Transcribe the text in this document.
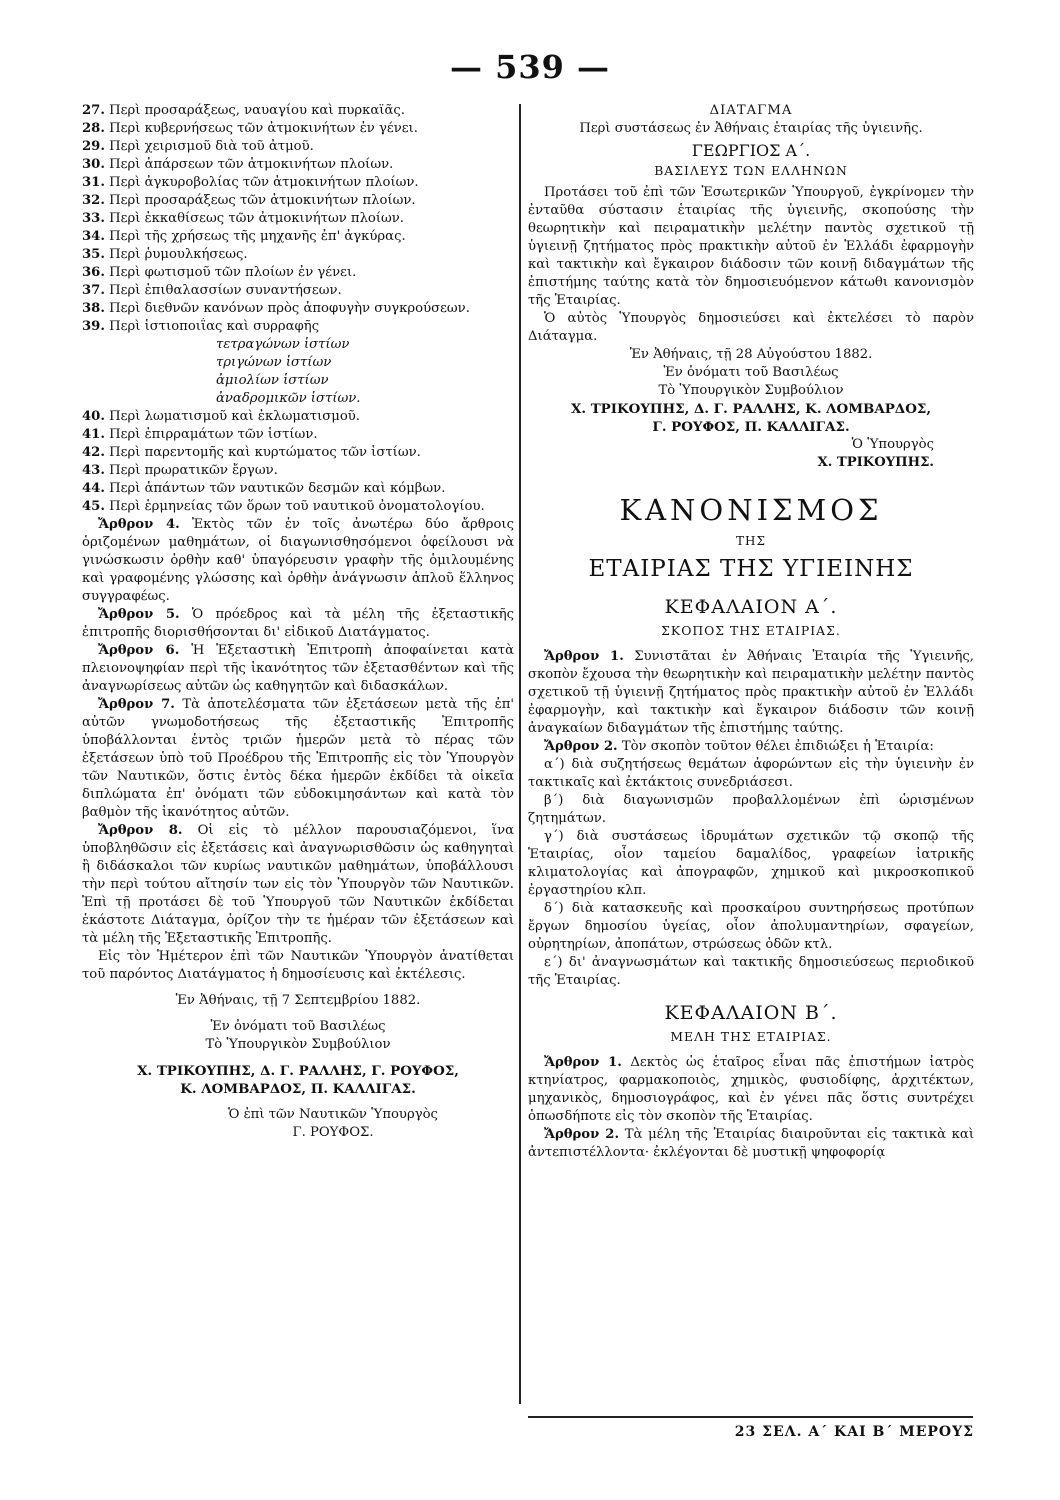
— 539 —
27. Περὶ προσαράξεως, ναυαγίου καὶ πυρκαϊᾶς.
28. Περὶ κυβερνήσεως τῶν ἀτμοκινήτων ἐν γένει.
29. Περὶ χειρισμοῦ διὰ τοῦ ἀτμοῦ.
30. Περὶ ἀπάρσεων τῶν ἀτμοκινήτων πλοίων.
31. Περὶ ἀγκυροβολίας τῶν ἀτμοκινήτων πλοίων.
32. Περὶ προσαράξεως τῶν ἀτμοκινήτων πλοίων.
33. Περὶ ἐκκαθίσεως τῶν ἀτμοκινήτων πλοίων.
34. Περὶ τῆς χρήσεως τῆς μηχανῆς ἐπ' ἀγκύρας.
35. Περὶ ῥυμουλκήσεως.
36. Περὶ φωτισμοῦ τῶν πλοίων ἐν γένει.
37. Περὶ ἐπιθαλασσίων συναντήσεων.
38. Περὶ διεθνῶν κανόνων πρὸς ἀποφυγὴν συγκρούσεων.
39. Περὶ ἱστιοποιΐας καὶ συρραφῆς
τετραγώνων ἱστίων
τριγώνων ἱστίων
ἀμιολίων ἱστίων
ἀναδρομικῶν ἱστίων.
40. Περὶ λωματισμοῦ καὶ ἐκλωματισμοῦ.
41. Περὶ ἐπιρραμάτων τῶν ἱστίων.
42. Περὶ παρεντομῆς καὶ κυρτώματος τῶν ἱστίων.
43. Περὶ πρωρατικῶν ἔργων.
44. Περὶ ἁπάντων τῶν ναυτικῶν δεσμῶν καὶ κόμβων.
45. Περὶ ἑρμηνείας τῶν ὅρων τοῦ ναυτικοῦ ὀνοματολογίου.

Ἄρθρον 4. Ἐκτὸς τῶν ἐν τοῖς ἀνωτέρω δύο ἄρθροις ὁριζομένων μαθημάτων, οἱ διαγωνισθησόμενοι ὀφείλουσι νὰ γινώσκωσιν ὀρθὴν καθ' ὑπαγόρευσιν γραφὴν τῆς ὁμιλουμένης καὶ γραφομένης γλώσσης καὶ ὀρθὴν ἀνάγνωσιν ἁπλοῦ ἕλληνος συγγραφέως.

Ἄρθρον 5. Ὁ πρόεδρος καὶ τὰ μέλη τῆς ἐξεταστικῆς ἐπιτροπῆς διορισθήσονται δι' εἰδικοῦ Διατάγματος.

Ἄρθρον 6. Ἡ Ἐξεταστικὴ Ἐπιτροπὴ ἀποφαίνεται κατὰ πλειονοψηφίαν περὶ τῆς ἱκανότητος τῶν ἐξετασθέντων καὶ τῆς ἀναγνωρίσεως αὐτῶν ὡς καθηγητῶν καὶ διδασκάλων.

Ἄρθρον 7. Τὰ ἀποτελέσματα τῶν ἐξετάσεων μετὰ τῆς ἐπ' αὐτῶν γνωμοδοτήσεως τῆς ἐξεταστικῆς Ἐπιτροπῆς ὑποβάλλονται ἐντὸς τριῶν ἡμερῶν μετὰ τὸ πέρας τῶν ἐξετάσεων ὑπὸ τοῦ Προέδρου τῆς Ἐπιτροπῆς εἰς τὸν Ὑπουργὸν τῶν Ναυτικῶν, ὅστις ἐντὸς δέκα ἡμερῶν ἐκδίδει τὰ οἰκεῖα διπλώματα ἐπ' ὀνόματι τῶν εὐδοκιμησάντων καὶ κατὰ τὸν βαθμὸν τῆς ἱκανότητος αὐτῶν.

Ἄρθρον 8. Οἱ εἰς τὸ μέλλον παρουσιαζόμενοι, ἵνα ὑποβληθῶσιν εἰς ἐξετάσεις καὶ ἀναγνωρισθῶσιν ὡς καθηγηταὶ ἢ διδάσκαλοι τῶν κυρίως ναυτικῶν μαθημάτων, ὑποβάλλουσι τὴν περὶ τούτου αἴτησίν των εἰς τὸν Ὑπουργὸν τῶν Ναυτικῶν. Ἐπὶ τῇ προτάσει δὲ τοῦ Ὑπουργοῦ τῶν Ναυτικῶν ἐκδίδεται ἑκάστοτε Διάταγμα, ὁρίζον τὴν τε ἡμέραν τῶν ἐξετάσεων καὶ τὰ μέλη τῆς Ἐξεταστικῆς Ἐπιτροπῆς.

Εἰς τὸν Ἡμέτερον ἐπὶ τῶν Ναυτικῶν Ὑπουργὸν ἀνατίθεται τοῦ παρόντος Διατάγματος ἡ δημοσίευσις καὶ ἐκτέλεσις.

Ἐν Ἀθήναις, τῇ 7 Σεπτεμβρίου 1882.
Ἐν ὀνόματι τοῦ Βασιλέως
Τὸ Ὑπουργικὸν Συμβούλιον
Χ. ΤΡΙΚΟΥΠΗΣ, Δ. Γ. ΡΑΛΛΗΣ, Γ. ΡΟΥΦΟΣ,
Κ. ΛΟΜΒΑΡΔΟΣ, Π. ΚΑΛΛΙΓΑΣ.
Ὁ ἐπὶ τῶν Ναυτικῶν Ὑπουργὸς
Γ. ΡΟΥΦΟΣ.
ΔΙΑΤΑΓΜΑ
Περὶ συστάσεως ἐν Ἀθήναις ἑταιρίας τῆς ὑγιεινῆς.
ΓΕΩΡΓΙΟΣ Α΄.
ΒΑΣΙΛΕΥΣ ΤΩΝ ΕΛΛΗΝΩΝ

Προτάσει τοῦ ἐπὶ τῶν Ἐσωτερικῶν Ὑπουργοῦ, ἐγκρίνομεν τὴν ἐνταῦθα σύστασιν ἑταιρίας τῆς ὑγιεινῆς, σκοπούσης τὴν θεωρητικὴν καὶ πειραματικὴν μελέτην παντὸς σχετικοῦ τῇ ὑγιεινῇ ζητήματος πρὸς πρακτικὴν αὐτοῦ ἐν Ἑλλάδι ἐφαρμογὴν καὶ τακτικὴν καὶ ἔγκαιρον διάδοσιν τῶν κοινῇ διδαγμάτων τῆς ἐπιστήμης ταύτης κατὰ τὸν δημοσιευόμενον κάτωθι κανονισμὸν τῆς Ἑταιρίας.

Ὁ αὐτὸς Ὑπουργὸς δημοσιεύσει καὶ ἐκτελέσει τὸ παρὸν Διάταγμα.

Ἐν Ἀθήναις, τῇ 28 Αὐγούστου 1882.
Ἐν ὀνόματι τοῦ Βασιλέως
Τὸ Ὑπουργικὸν Συμβούλιον
Χ. ΤΡΙΚΟΥΠΗΣ, Δ. Γ. ΡΑΛΛΗΣ, Κ. ΛΟΜΒΑΡΔΟΣ,
Γ. ΡΟΥΦΟΣ, Π. ΚΑΛΛΙΓΑΣ.
Ὁ Ὑπουργὸς
Χ. ΤΡΙΚΟΥΠΗΣ.
ΚΑΝΟΝΙΣΜΟΣ
ΤΗΣ
ΕΤΑΙΡΙΑΣ ΤΗΣ ΥΓΙΕΙΝΗΣ
ΚΕΦΑΛΑΙΟΝ Α΄.
ΣΚΟΠΟΣ ΤΗΣ ΕΤΑΙΡΙΑΣ.

Ἄρθρον 1. Συνιστᾶται ἐν Ἀθήναις Ἑταιρία τῆς Ὑγιεινῆς, σκοπὸν ἔχουσα τὴν θεωρητικὴν καὶ πειραματικὴν μελέτην παντὸς σχετικοῦ τῇ ὑγιεινῇ ζητήματος πρὸς πρακτικὴν αὐτοῦ ἐν Ἑλλάδι ἐφαρμογὴν, καὶ τακτικὴν καὶ ἔγκαιρον διάδοσιν τῶν κοινῇ ἀναγκαίων διδαγμάτων τῆς ἐπιστήμης ταύτης.

Ἄρθρον 2. Τὸν σκοπὸν τοῦτον θέλει ἐπιδιώξει ἡ Ἑταιρία:

α΄) διὰ συζητήσεως θεμάτων ἀφορώντων εἰς τὴν ὑγιεινὴν ἐν τακτικαῖς καὶ ἐκτάκτοις συνεδριάσεσι.

β΄) διὰ διαγωνισμῶν προβαλλομένων ἐπὶ ὡρισμένων ζητημάτων.

γ΄) διὰ συστάσεως ἱδρυμάτων σχετικῶν τῷ σκοπῷ τῆς Ἑταιρίας, οἷον ταμείου δαμαλίδος, γραφείων ἰατρικῆς κλιματολογίας καὶ ἀπογραφῶν, χημικοῦ καὶ μικροσκοπικοῦ ἐργαστηρίου κλπ.

δ΄) διὰ κατασκευῆς καὶ προσκαίρου συντηρήσεως προτύπων ἔργων δημοσίου ὑγείας, οἷον ἀπολυμαντηρίων, σφαγείων, οὐρητηρίων, ἀποπάτων, στρώσεως ὁδῶν κτλ.

ε΄) δι' ἀναγνωσμάτων καὶ τακτικῆς δημοσιεύσεως περιοδικοῦ τῆς Ἑταιρίας.

ΚΕΦΑΛΑΙΟΝ Β΄.
ΜΕΛΗ ΤΗΣ ΕΤΑΙΡΙΑΣ.

Ἄρθρον 1. Δεκτὸς ὡς ἑταῖρος εἶναι πᾶς ἐπιστήμων ἰατρὸς κτηνίατρος, φαρμακοποιὸς, χημικὸς, φυσιοδίφης, ἀρχιτέκτων, μηχανικὸς, δημοσιογράφος, καὶ ἐν γένει πᾶς ὅστις συντρέχει ὁπωσδήποτε εἰς τὸν σκοπὸν τῆς Ἑταιρίας.

Ἄρθρον 2. Τὰ μέλη τῆς Ἑταιρίας διαιροῦνται εἰς τακτικὰ καὶ ἀντεπιστέλλοντα· ἐκλέγονται δὲ μυστικῇ ψηφοφορίᾳ

23 ΣΕΛ. Α΄ ΚΑΙ Β΄ ΜΕΡΟΥΣ
